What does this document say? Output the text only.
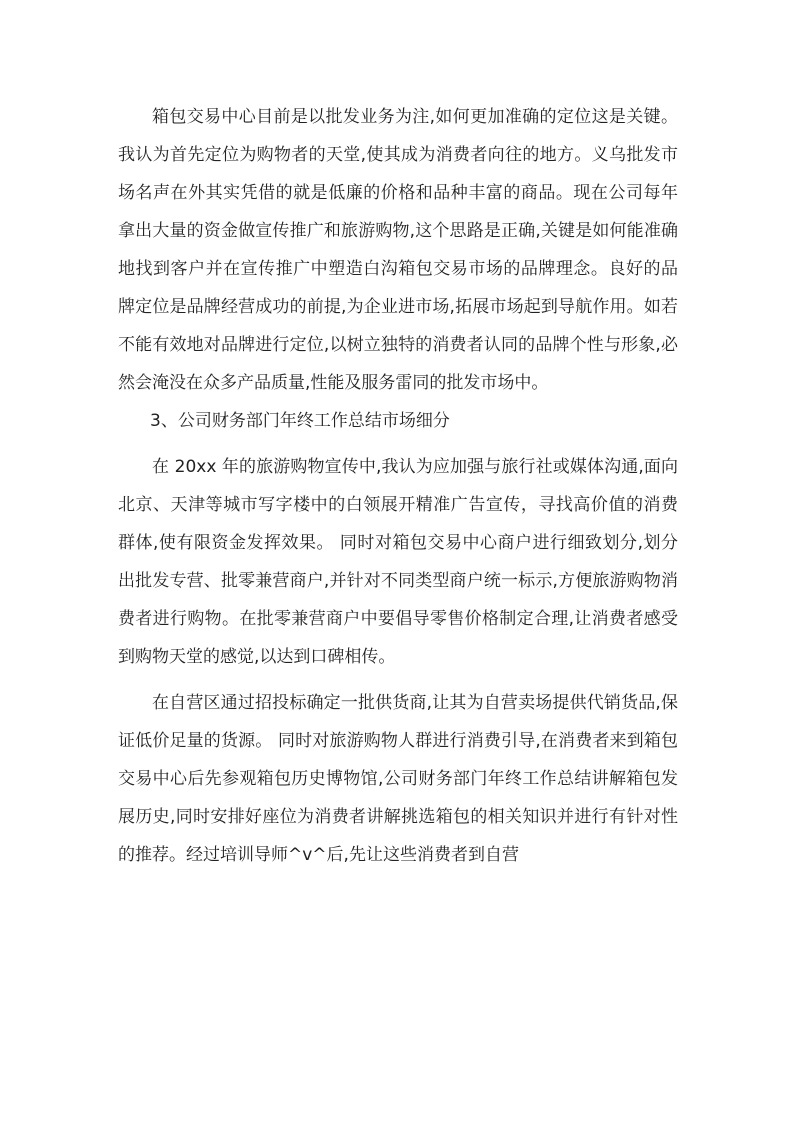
箱包交易中心目前是以批发业务为注,如何更加准确的定位这是关键。我认为首先定位为购物者的天堂,使其成为消费者向往的地方。义乌批发市场名声在外其实凭借的就是低廉的价格和品种丰富的商品。现在公司每年拿出大量的资金做宣传推广和旅游购物,这个思路是正确,关键是如何能准确地找到客户并在宣传推广中塑造白沟箱包交易市场的品牌理念。良好的品牌定位是品牌经营成功的前提,为企业进市场,拓展市场起到导航作用。如若不能有效地对品牌进行定位,以树立独特的消费者认同的品牌个性与形象,必然会淹没在众多产品质量,性能及服务雷同的批发市场中。

3、公司财务部门年终工作总结市场细分

在 20xx 年的旅游购物宣传中,我认为应加强与旅行社或媒体沟通,面向北京、天津等城市写字楼中的白领展开精准广告宣传，寻找高价值的消费群体,使有限资金发挥效果。 同时对箱包交易中心商户进行细致划分,划分出批发专营、批零兼营商户,并针对不同类型商户统一标示,方便旅游购物消费者进行购物。在批零兼营商户中要倡导零售价格制定合理,让消费者感受到购物天堂的感觉,以达到口碑相传。

在自营区通过招投标确定一批供货商,让其为自营卖场提供代销货品,保证低价足量的货源。 同时对旅游购物人群进行消费引导,在消费者来到箱包交易中心后先参观箱包历史博物馆,公司财务部门年终工作总结讲解箱包发展历史,同时安排好座位为消费者讲解挑选箱包的相关知识并进行有针对性的推荐。经过培训导师^v^后,先让这些消费者到自营
